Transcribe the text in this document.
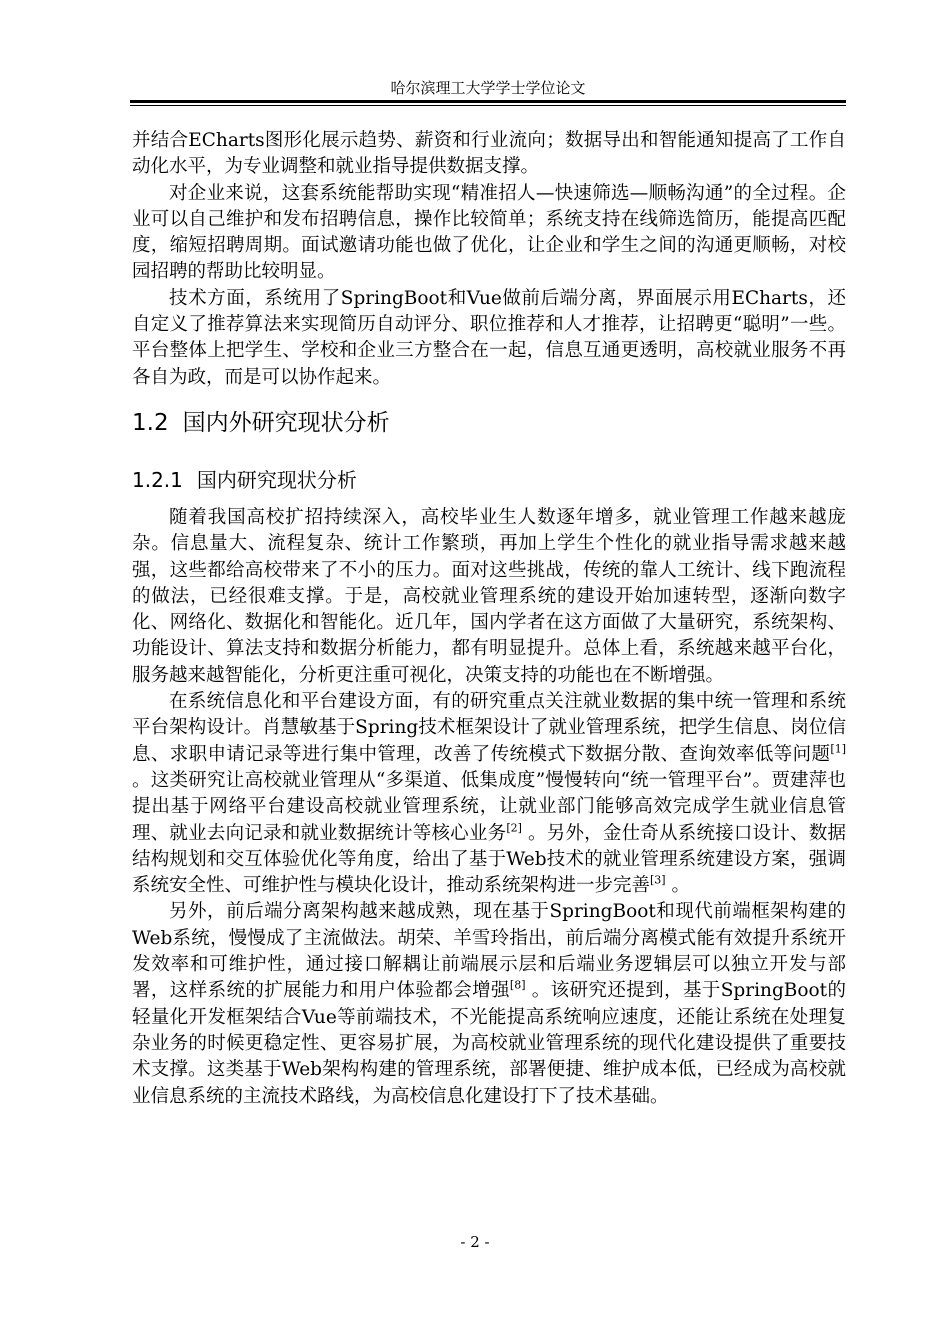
哈尔滨理工大学学士学位论文

并结合ECharts图形化展示趋势、薪资和行业流向；数据导出和智能通知提高了工作自动化水平，为专业调整和就业指导提供数据支撑。

对企业来说，这套系统能帮助实现“精准招人—快速筛选—顺畅沟通”的全过程。企业可以自己维护和发布招聘信息，操作比较简单；系统支持在线筛选简历，能提高匹配度，缩短招聘周期。面试邀请功能也做了优化，让企业和学生之间的沟通更顺畅，对校园招聘的帮助比较明显。

技术方面，系统用了SpringBoot和Vue做前后端分离，界面展示用ECharts，还自定义了推荐算法来实现简历自动评分、职位推荐和人才推荐，让招聘更“聪明”一些。平台整体上把学生、学校和企业三方整合在一起，信息互通更透明，高校就业服务不再各自为政，而是可以协作起来。

1.2 国内外研究现状分析
1.2.1 国内研究现状分析

随着我国高校扩招持续深入，高校毕业生人数逐年增多，就业管理工作越来越庞杂。信息量大、流程复杂、统计工作繁琐，再加上学生个性化的就业指导需求越来越强，这些都给高校带来了不小的压力。面对这些挑战，传统的靠人工统计、线下跑流程的做法，已经很难支撑。于是，高校就业管理系统的建设开始加速转型，逐渐向数字化、网络化、数据化和智能化。近几年，国内学者在这方面做了大量研究，系统架构、功能设计、算法支持和数据分析能力，都有明显提升。总体上看，系统越来越平台化，服务越来越智能化，分析更注重可视化，决策支持的功能也在不断增强。

在系统信息化和平台建设方面，有的研究重点关注就业数据的集中统一管理和系统平台架构设计。肖慧敏基于Spring技术框架设计了就业管理系统，把学生信息、岗位信息、求职申请记录等进行集中管理，改善了传统模式下数据分散、查询效率低等问题[1] 。这类研究让高校就业管理从“多渠道、低集成度”慢慢转向“统一管理平台”。贾建萍也提出基于网络平台建设高校就业管理系统，让就业部门能够高效完成学生就业信息管理、就业去向记录和就业数据统计等核心业务[2] 。另外，金仕奇从系统接口设计、数据结构规划和交互体验优化等角度，给出了基于Web技术的就业管理系统建设方案，强调系统安全性、可维护性与模块化设计，推动系统架构进一步完善[3] 。

另外，前后端分离架构越来越成熟，现在基于SpringBoot和现代前端框架构建的Web系统，慢慢成了主流做法。胡荣、羊雪玲指出，前后端分离模式能有效提升系统开发效率和可维护性，通过接口解耦让前端展示层和后端业务逻辑层可以独立开发与部署，这样系统的扩展能力和用户体验都会增强[8] 。该研究还提到，基于SpringBoot的轻量化开发框架结合Vue等前端技术，不光能提高系统响应速度，还能让系统在处理复杂业务的时候更稳定性、更容易扩展，为高校就业管理系统的现代化建设提供了重要技术支撑。这类基于Web架构构建的管理系统，部署便捷、维护成本低，已经成为高校就业信息系统的主流技术路线，为高校信息化建设打下了技术基础。

- 2 -
